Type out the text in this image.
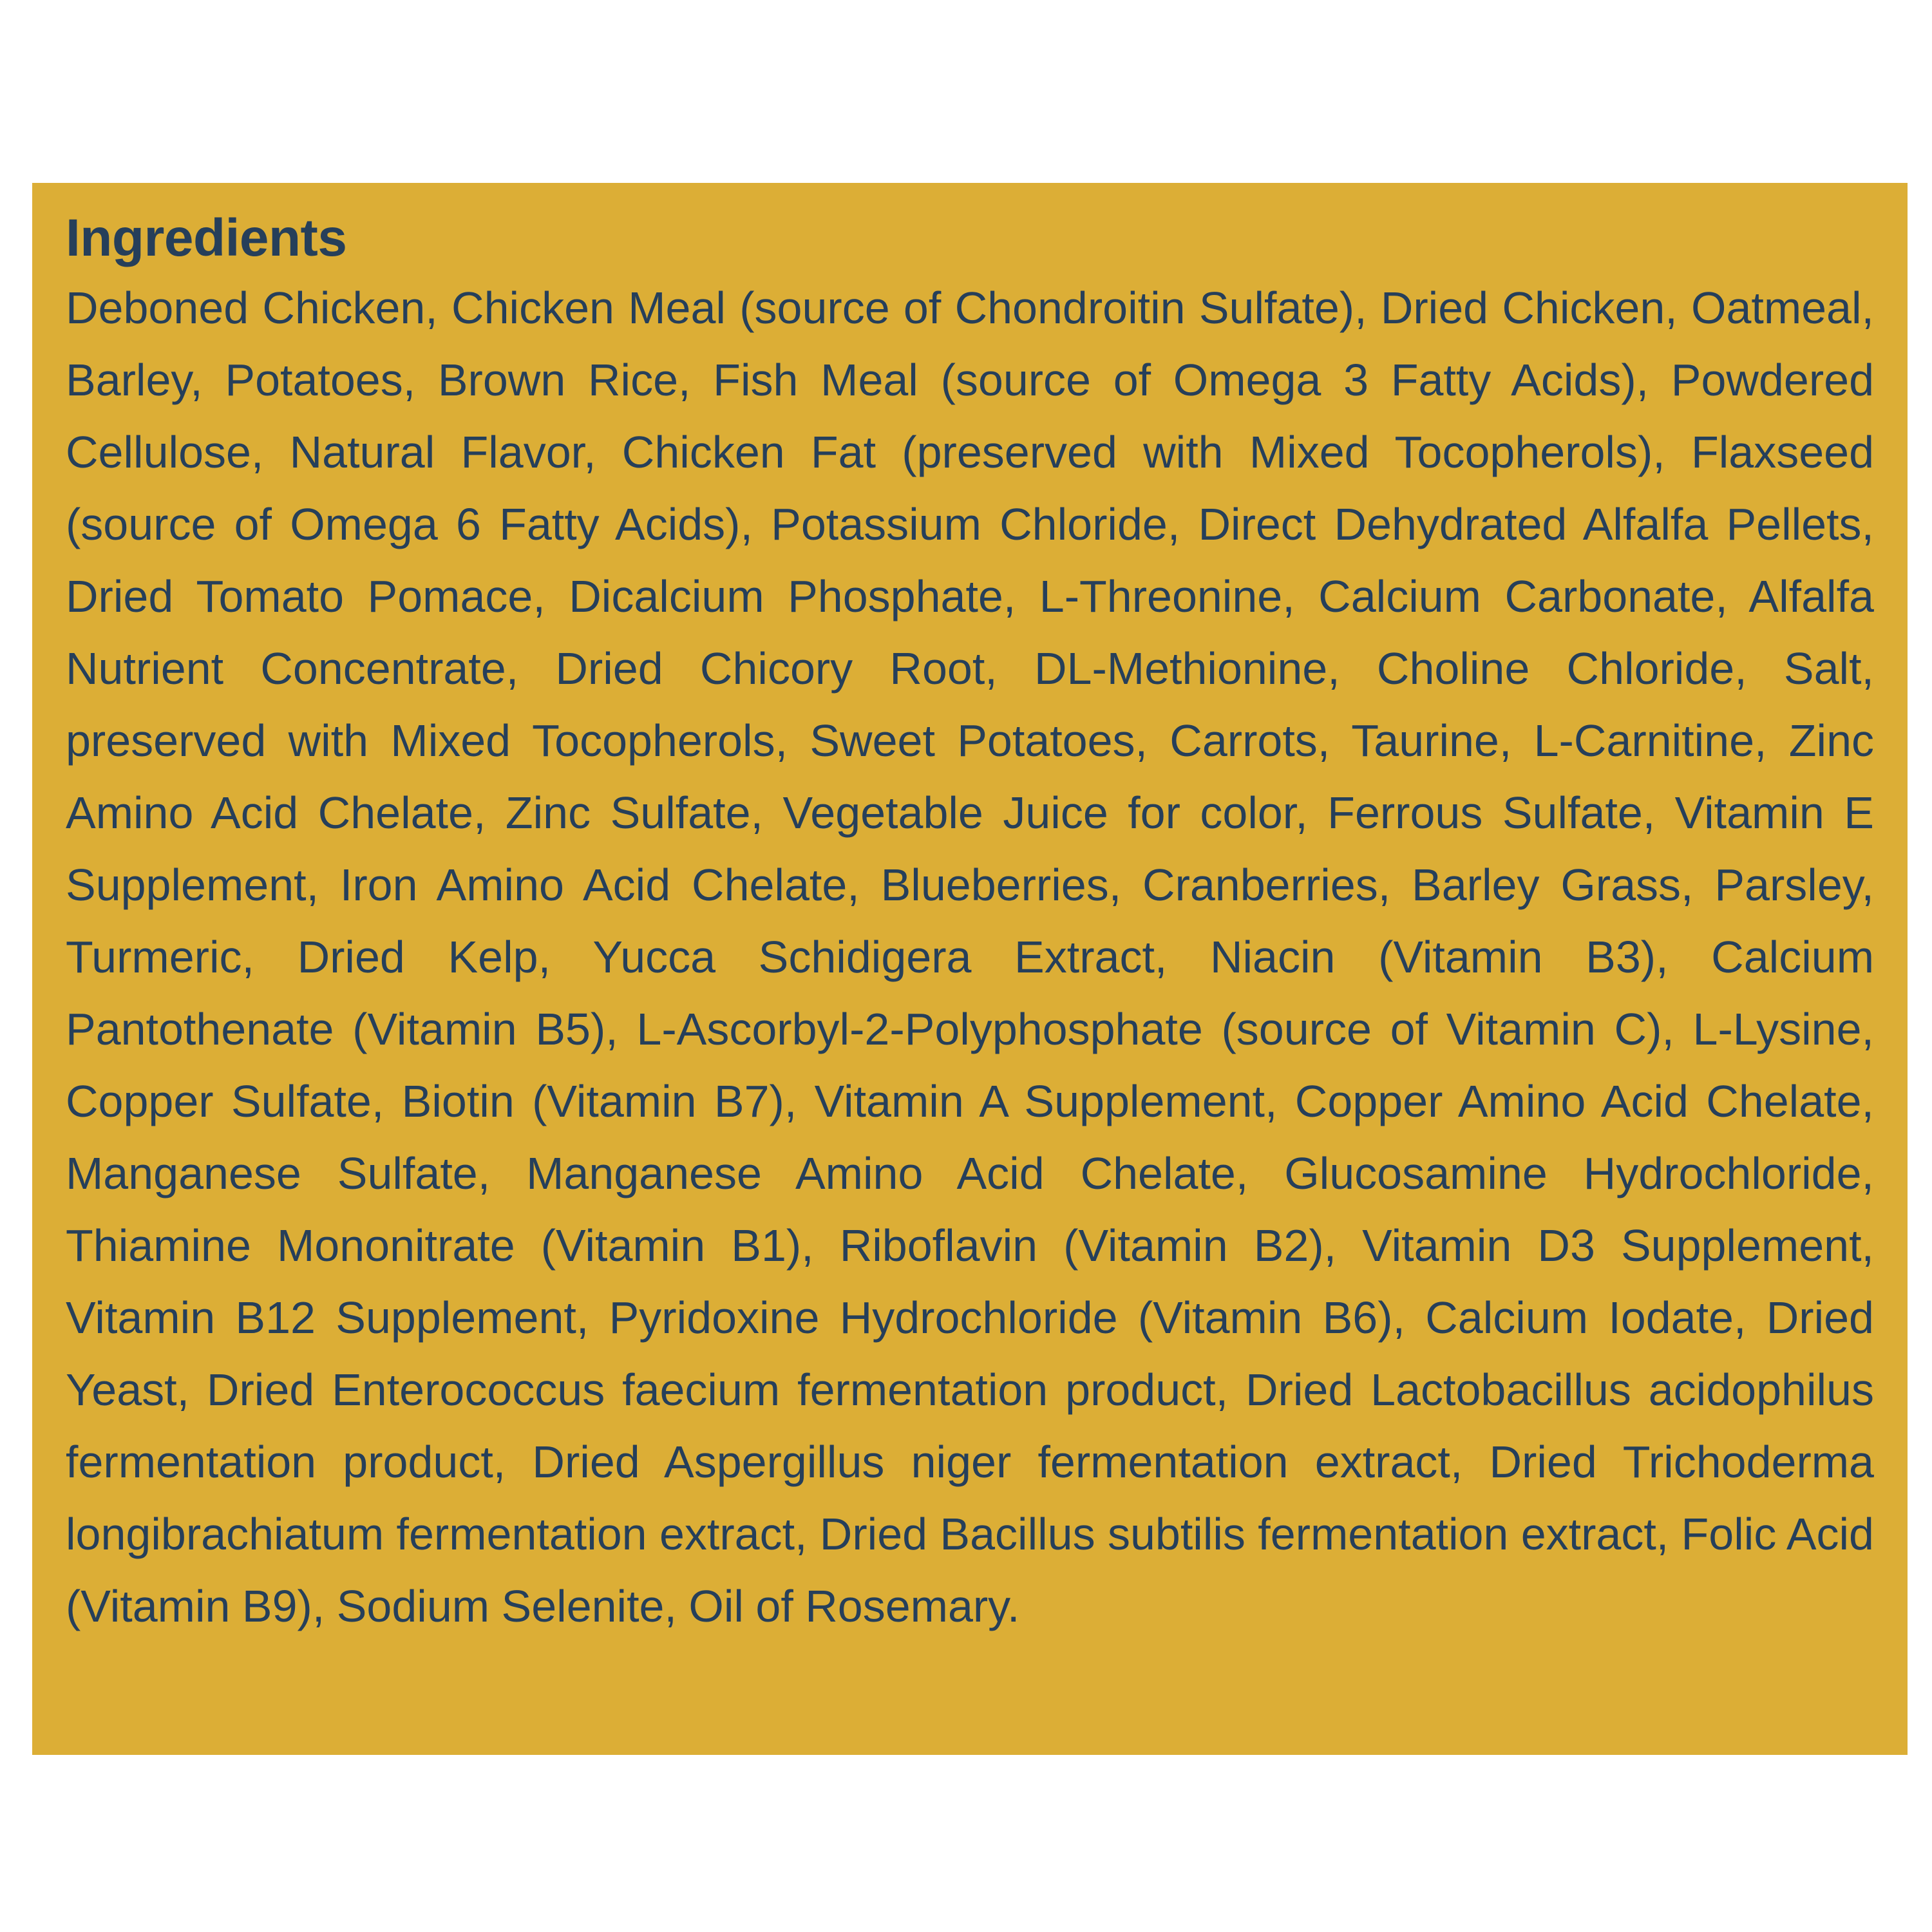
Ingredients

Deboned Chicken, Chicken Meal (source of Chondroitin Sulfate), Dried Chicken, Oatmeal, Barley, Potatoes, Brown Rice, Fish Meal (source of Omega 3 Fatty Acids), Powdered Cellulose, Natural Flavor, Chicken Fat (preserved with Mixed Tocopherols), Flaxseed (source of Omega 6 Fatty Acids), Potassium Chloride, Direct Dehydrated Alfalfa Pellets, Dried Tomato Pomace, Dicalcium Phosphate, L-Threonine, Calcium Carbonate, Alfalfa Nutrient Concentrate, Dried Chicory Root, DL-Methionine, Choline Chloride, Salt, preserved with Mixed Tocopherols, Sweet Potatoes, Carrots, Taurine, L-Carnitine, Zinc Amino Acid Chelate, Zinc Sulfate, Vegetable Juice for color, Ferrous Sulfate, Vitamin E Supplement, Iron Amino Acid Chelate, Blueberries, Cranberries, Barley Grass, Parsley, Turmeric, Dried Kelp, Yucca Schidigera Extract, Niacin (Vitamin B3), Calcium Pantothenate (Vitamin B5), L-Ascorbyl-2-Polyphosphate (source of Vitamin C), L-Lysine, Copper Sulfate, Biotin (Vitamin B7), Vitamin A Supplement, Copper Amino Acid Chelate, Manganese Sulfate, Manganese Amino Acid Chelate, Glucosamine Hydrochloride, Thiamine Mononitrate (Vitamin B1), Riboflavin (Vitamin B2), Vitamin D3 Supplement, Vitamin B12 Supplement, Pyridoxine Hydrochloride (Vitamin B6), Calcium Iodate, Dried Yeast, Dried Enterococcus faecium fermentation product, Dried Lactobacillus acidophilus fermentation product, Dried Aspergillus niger fermentation extract, Dried Trichoderma longibrachiatum fermentation extract, Dried Bacillus subtilis fermentation extract, Folic Acid (Vitamin B9), Sodium Selenite, Oil of Rosemary.
